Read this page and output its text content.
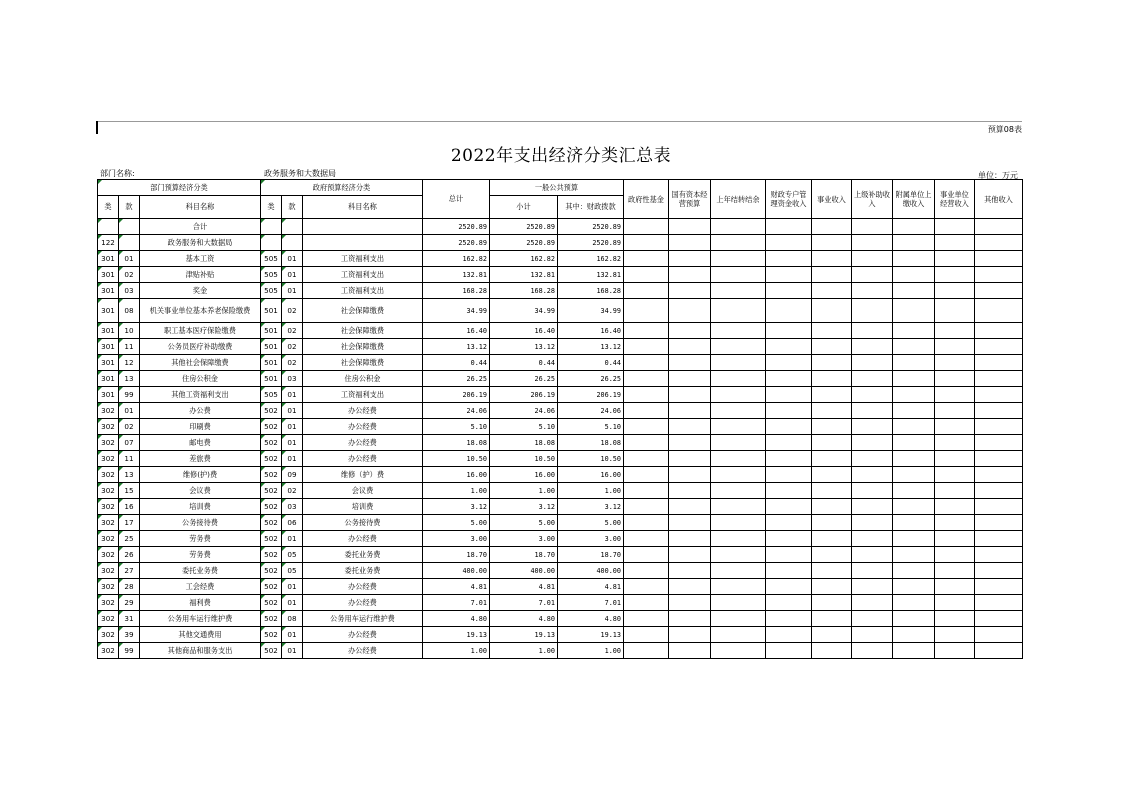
预算08表
2022年支出经济分类汇总表
部门名称:	政务服务和大数据局	单位：万元
部门预算经济分类			政府预算经济分类			总计	一般公共预算		政府性基金	国有资本经营预算	上年结转结余	财政专户管理资金收入	事业收入	上级补助收入	附属单位上缴收入	事业单位经营收入	其他收入
类	款	科目名称	类	款	科目名称		小计	其中：财政拨款									
		合计				2520.89	2520.89	2520.89									
122		政务服务和大数据局				2520.89	2520.89	2520.89									
301	01	基本工资	505	01	工资福利支出	162.82	162.82	162.82									
301	02	津贴补贴	505	01	工资福利支出	132.81	132.81	132.81									
301	03	奖金	505	01	工资福利支出	168.28	168.28	168.28									
301	08	机关事业单位基本养老保险缴费	501	02	社会保障缴费	34.99	34.99	34.99									
301	10	职工基本医疗保险缴费	501	02	社会保障缴费	16.40	16.40	16.40									
301	11	公务员医疗补助缴费	501	02	社会保障缴费	13.12	13.12	13.12									
301	12	其他社会保障缴费	501	02	社会保障缴费	0.44	0.44	0.44									
301	13	住房公积金	501	03	住房公积金	26.25	26.25	26.25									
301	99	其他工资福利支出	505	01	工资福利支出	206.19	206.19	206.19									
302	01	办公费	502	01	办公经费	24.06	24.06	24.06									
302	02	印刷费	502	01	办公经费	5.10	5.10	5.10									
302	07	邮电费	502	01	办公经费	18.08	18.08	18.08									
302	11	差旅费	502	01	办公经费	10.50	10.50	10.50									
302	13	维修(护)费	502	09	维修（护）费	16.00	16.00	16.00									
302	15	会议费	502	02	会议费	1.00	1.00	1.00									
302	16	培训费	502	03	培训费	3.12	3.12	3.12									
302	17	公务接待费	502	06	公务接待费	5.00	5.00	5.00									
302	25	劳务费	502	01	办公经费	3.00	3.00	3.00									
302	26	劳务费	502	05	委托业务费	18.70	18.70	18.70									
302	27	委托业务费	502	05	委托业务费	400.00	400.00	400.00									
302	28	工会经费	502	01	办公经费	4.81	4.81	4.81									
302	29	福利费	502	01	办公经费	7.01	7.01	7.01									
302	31	公务用车运行维护费	502	08	公务用车运行维护费	4.80	4.80	4.80									
302	39	其他交通费用	502	01	办公经费	19.13	19.13	19.13									
302	99	其他商品和服务支出	502	01	办公经费	1.00	1.00	1.00									
